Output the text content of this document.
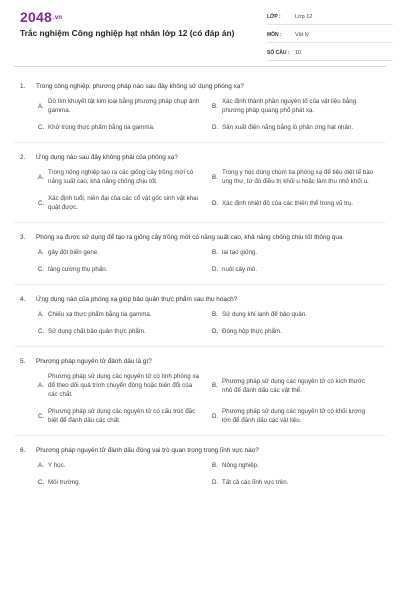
2048.vn
Trắc nghiệm Công nghiệp hạt nhân lớp 12 (có đáp án)
LỚP :	Lớp 12
MÔN :	Vật lý
SỐ CÂU :	10
1.	Trong công nghiệp, phương pháp nào sau đây không sử dụng phóng xạ?
A.
Dò tìm khuyết tật kim loại bằng phương pháp chụp ảnh gamma.
B.
Xác định thành phần nguyên tố của vật liệu bằng phương pháp quang phổ phát xạ.
C. Khử trùng thực phẩm bằng tia gamma.	D. Sản xuất điện năng bằng lò phản ứng hạt nhân.
2.	Ứng dụng nào sau đây không phải của phóng xạ?
A.
Trong nông nghiệp tạo ra các giống cây trồng mới có năng suất cao, khả năng chống chịu tốt.
B.
Trong y học dùng chùm tia phóng xạ để tiêu diệt tế bào ung thư, từ đó điều trị khối u hoặc làm thu nhỏ khối u.
C.
Xác định tuổi, niên đại của các cổ vật gốc sinh vật khai quật được.
D. Xác định nhiệt độ của các thiên thể trong vũ trụ.
3.	Phóng xạ được sử dụng để tạo ra giống cây trồng mới có năng suất cao, khả năng chống chịu tốt thông qua
A. gây đột biến gene.	B. lai tạo giống.
C. tăng cường thụ phấn.	D. nuôi cấy mô.
4.	Ứng dụng nào của phóng xạ giúp bảo quản thực phẩm sau thu hoạch?
A. Chiếu xạ thực phẩm bằng tia gamma.	B. Sử dụng khí lạnh để bảo quản.
C. Sử dụng chất bảo quản thực phẩm.	D. Đóng hộp thực phẩm.
5.	Phương pháp nguyên tử đánh dấu là gì?
A.
Phương pháp sử dụng các nguyên tử có tính phóng xạ để theo dõi quá trình chuyển động hoặc biến đổi của các chất.
B.
Phương pháp sử dụng các nguyên tử có kích thước nhỏ để đánh dấu các vật thể.
C.
Phương pháp sử dụng các nguyên tử có cấu trúc đặc biệt để đánh dấu các chất.
D.
Phương pháp sử dụng các nguyên tử có khối lượng lớn để đánh dấu các vật liệu.
6.	Phương pháp nguyên tử đánh dấu đóng vai trò quan trọng trong lĩnh vực nào?
A. Y học.	B. Nông nghiệp.
C. Môi trường.	D. Tất cả các lĩnh vực trên.
